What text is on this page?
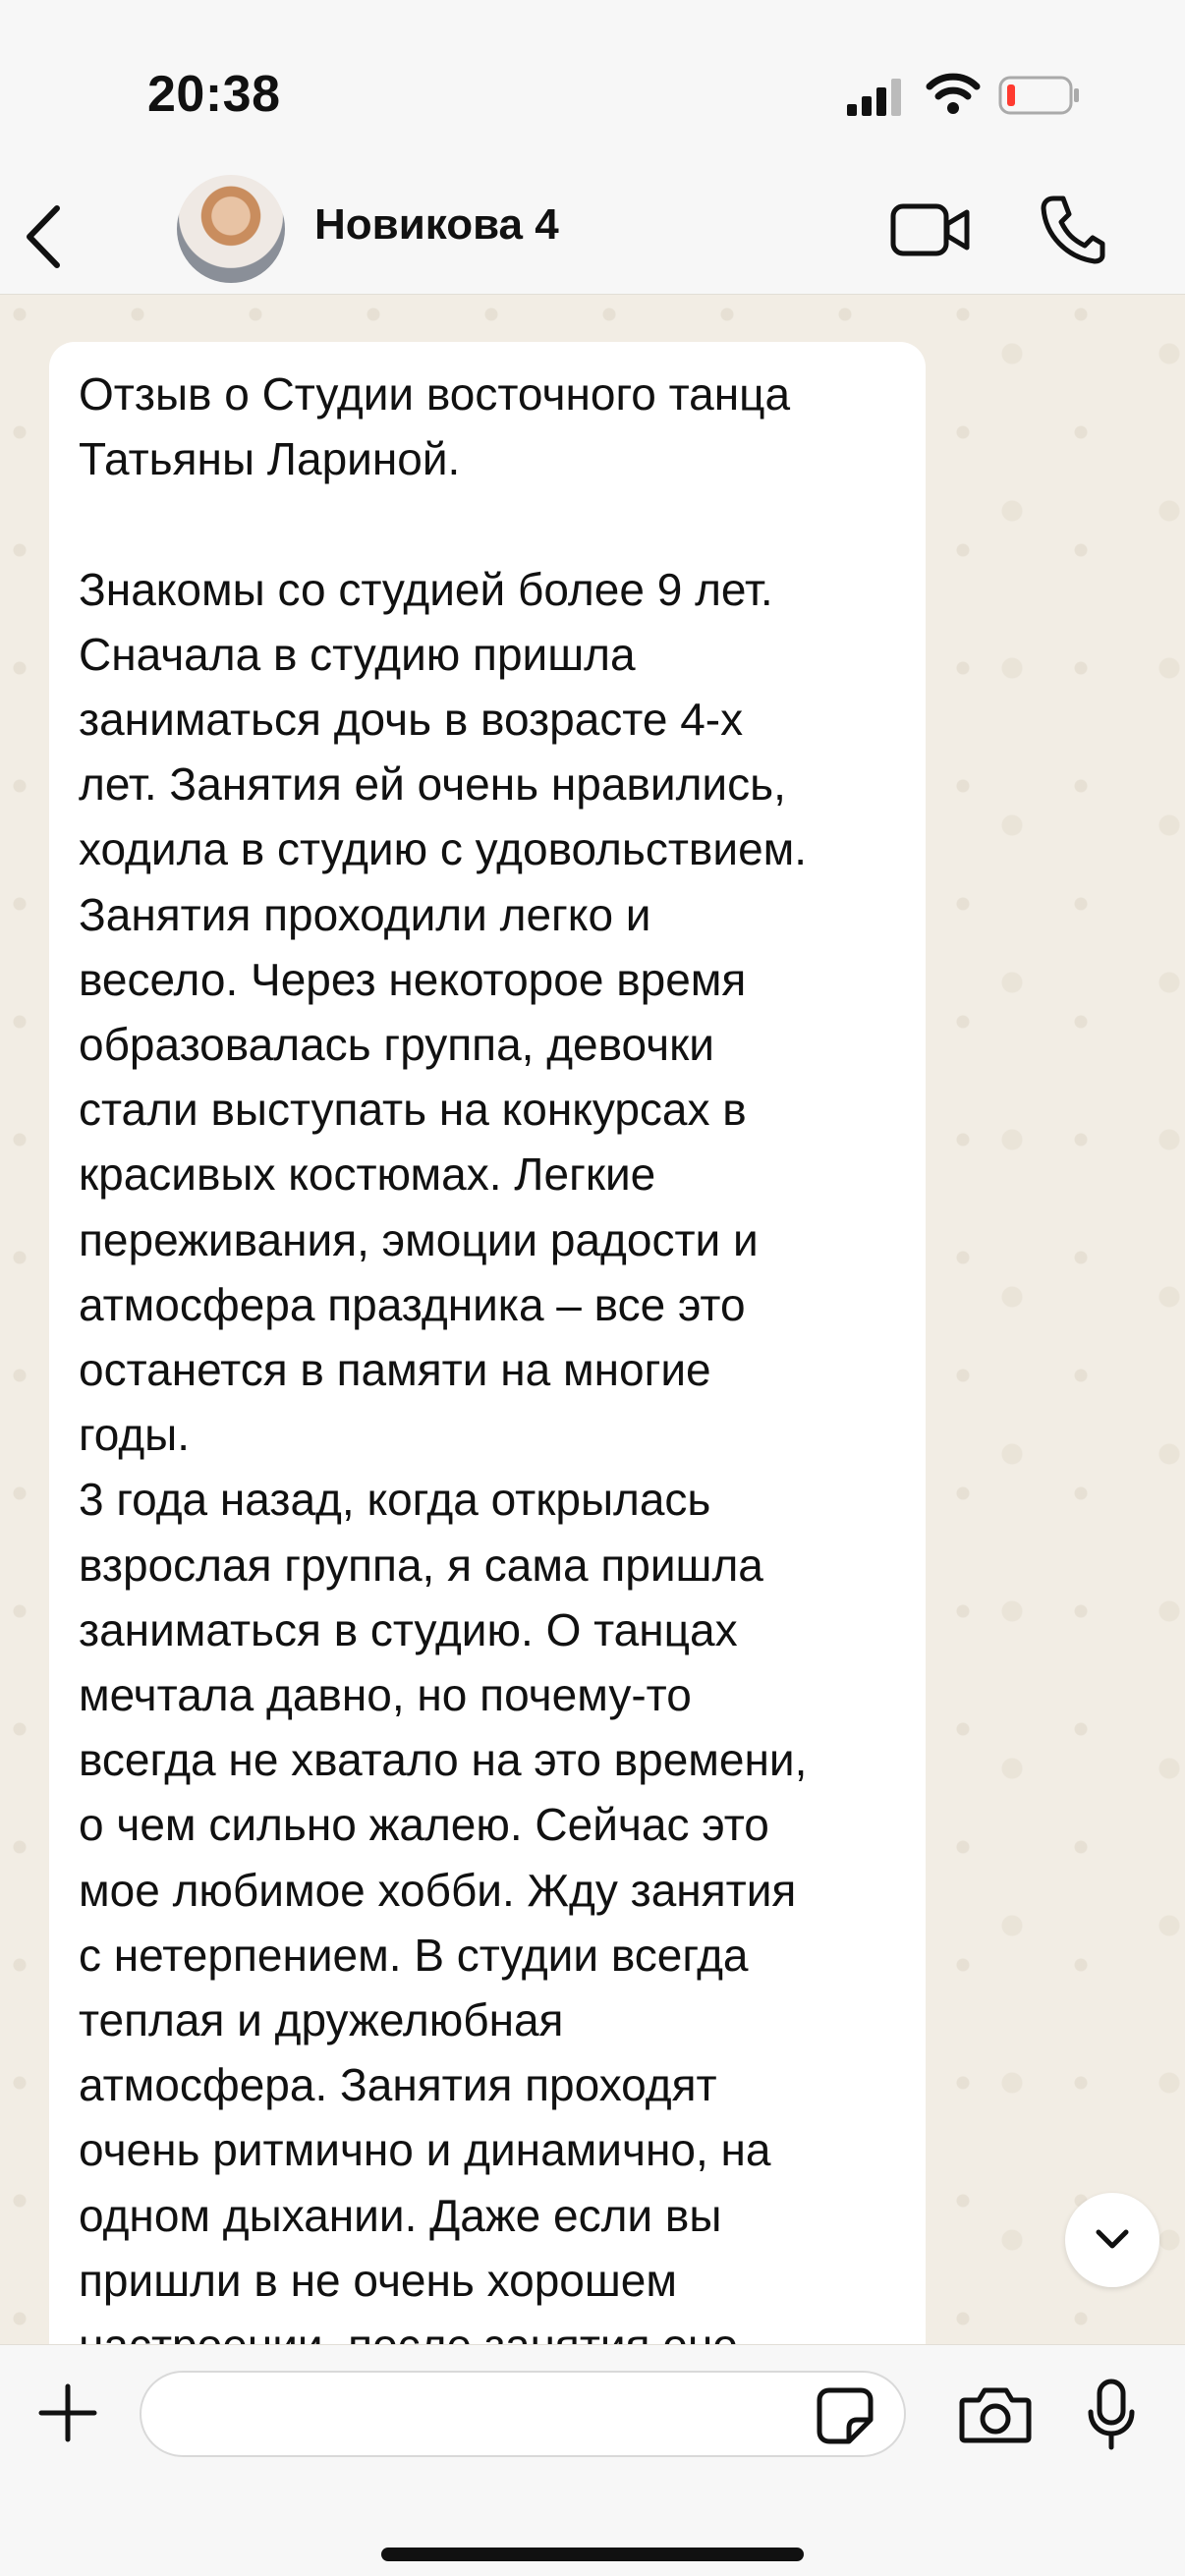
20:38
Новикова 4
Отзыв о Студии восточного танца
Татьяны Лариной.

Знакомы со студией более 9 лет.
Сначала в студию пришла
заниматься дочь в возрасте 4-х
лет. Занятия ей очень нравились,
ходила в студию с удовольствием.
Занятия проходили легко и
весело. Через некоторое время
образовалась группа, девочки
стали выступать на конкурсах в
красивых костюмах. Легкие
переживания, эмоции радости и
атмосфера праздника – все это
останется в памяти на многие
годы.
3 года назад, когда открылась
взрослая группа, я сама пришла
заниматься в студию. О танцах
мечтала давно, но почему-то
всегда не хватало на это времени,
о чем сильно жалею. Сейчас это
мое любимое хобби. Жду занятия
с нетерпением. В студии всегда
теплая и дружелюбная
атмосфера. Занятия проходят
очень ритмично и динамично, на
одном дыхании. Даже если вы
пришли в не очень хорошем
